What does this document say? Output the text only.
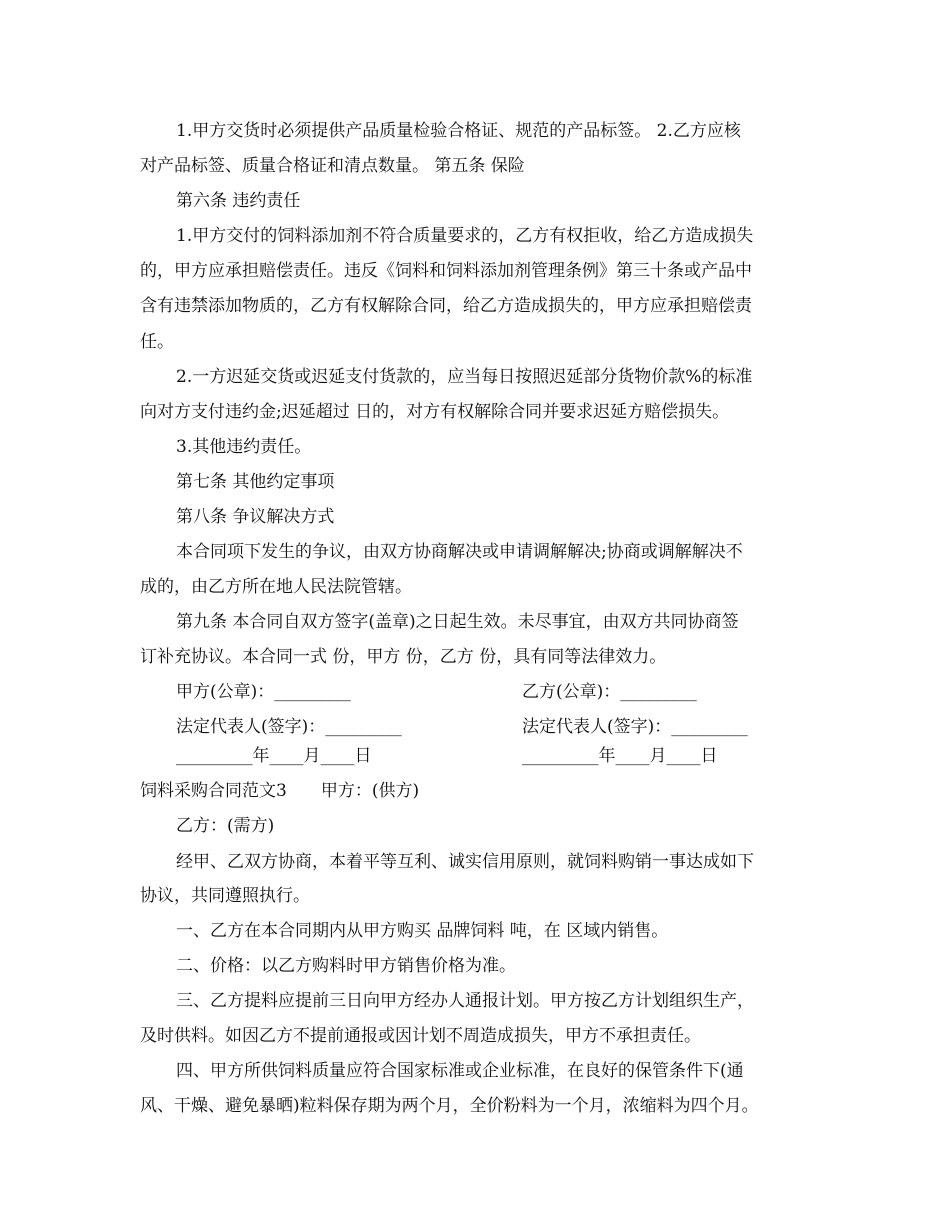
1.甲方交货时必须提供产品质量检验合格证、规范的产品标签。 2.乙方应核
对产品标签、质量合格证和清点数量。 第五条 保险
第六条 违约责任
1.甲方交付的饲料添加剂不符合质量要求的，乙方有权拒收，给乙方造成损失
的，甲方应承担赔偿责任。违反《饲料和饲料添加剂管理条例》第三十条或产品中
含有违禁添加物质的，乙方有权解除合同，给乙方造成损失的，甲方应承担赔偿责
任。
2.一方迟延交货或迟延支付货款的，应当每日按照迟延部分货物价款%的标准
向对方支付违约金;迟延超过 日的，对方有权解除合同并要求迟延方赔偿损失。
3.其他违约责任。
第七条 其他约定事项
第八条 争议解决方式
本合同项下发生的争议，由双方协商解决或申请调解解决;协商或调解解决不
成的，由乙方所在地人民法院管辖。
第九条 本合同自双方签字(盖章)之日起生效。未尽事宜，由双方共同协商签
订补充协议。本合同一式 份，甲方 份，乙方 份，具有同等法律效力。
甲方(公章)：_________	乙方(公章)：_________
法定代表人(签字)：_________	法定代表人(签字)：_________
_________年____月____日	_________年____月____日
饲料采购合同范文3　　甲方：(供方)
乙方：(需方)
经甲、乙双方协商，本着平等互利、诚实信用原则，就饲料购销一事达成如下
协议，共同遵照执行。
一、乙方在本合同期内从甲方购买 品牌饲料 吨，在 区域内销售。
二、价格：以乙方购料时甲方销售价格为准。
三、乙方提料应提前三日向甲方经办人通报计划。甲方按乙方计划组织生产，
及时供料。如因乙方不提前通报或因计划不周造成损失，甲方不承担责任。
四、甲方所供饲料质量应符合国家标准或企业标准，在良好的保管条件下(通
风、干燥、避免暴晒)粒料保存期为两个月，全价粉料为一个月，浓缩料为四个月。
